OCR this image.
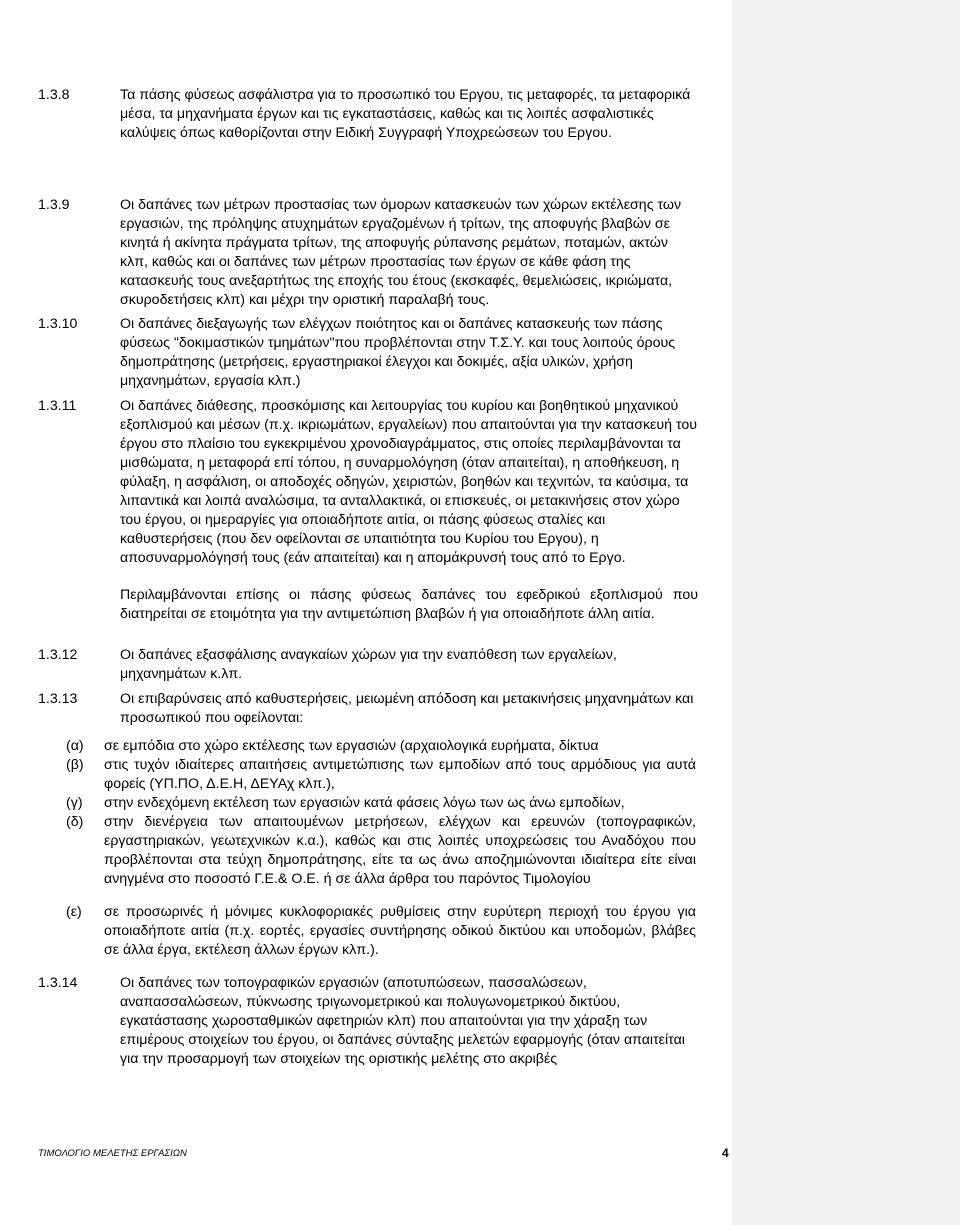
1.3.8	Τα πάσης φύσεως ασφάλιστρα για το προσωπικό του Εργου, τις μεταφορές, τα μεταφορικά μέσα, τα μηχανήματα έργων και τις εγκαταστάσεις, καθώς και τις λοιπές ασφαλιστικές καλύψεις όπως καθορίζονται στην Ειδική Συγγραφή Υποχρεώσεων του Εργου.
1.3.9	Οι δαπάνες των μέτρων προστασίας των όμορων κατασκευών των χώρων εκτέλεσης των εργασιών, της πρόληψης ατυχημάτων εργαζομένων ή τρίτων, της αποφυγής βλαβών σε κινητά ή ακίνητα πράγματα τρίτων, της αποφυγής ρύπανσης ρεμάτων, ποταμών, ακτών κλπ, καθώς και οι δαπάνες των μέτρων προστασίας των έργων σε κάθε φάση της κατασκευής τους ανεξαρτήτως της εποχής του έτους (εκσκαφές, θεμελιώσεις, ικριώματα, σκυροδετήσεις κλπ) και μέχρι την οριστική παραλαβή τους.
1.3.10	Οι δαπάνες διεξαγωγής των ελέγχων ποιότητος και οι δαπάνες κατασκευής των πάσης φύσεως "δοκιμαστικών τμημάτων"που προβλέπονται στην Τ.Σ.Υ. και τους λοιπούς όρους δημοπράτησης (μετρήσεις, εργαστηριακοί έλεγχοι και δοκιμές, αξία υλικών, χρήση μηχανημάτων, εργασία κλπ.)
1.3.11	Οι δαπάνες διάθεσης, προσκόμισης και λειτουργίας του κυρίου και βοηθητικού μηχανικού εξοπλισμού και μέσων (π.χ. ικριωμάτων, εργαλείων) που απαιτούνται για την κατασκευή του έργου στο πλαίσιο του εγκεκριμένου χρονοδιαγράμματος, στις οποίες περιλαμβάνονται τα μισθώματα, η μεταφορά επί τόπου, η συναρμολόγηση (όταν απαιτείται), η αποθήκευση, η φύλαξη, η ασφάλιση, οι αποδοχές οδηγών, χειριστών, βοηθών και τεχνιτών, τα καύσιμα, τα λιπαντικά και λοιπά αναλώσιμα, τα ανταλλακτικά, οι επισκευές, οι μετακινήσεις στον χώρο του έργου, οι ημεραργίες για οποιαδήποτε αιτία, οι πάσης φύσεως σταλίες και καθυστερήσεις (που δεν οφείλονται σε υπαιτιότητα του Κυρίου του Εργου), η αποσυναρμολόγησή τους (εάν απαιτείται) και η απομάκρυνσή τους από το Εργο.
Περιλαμβάνονται επίσης οι πάσης φύσεως δαπάνες του εφεδρικού εξοπλισμού που διατηρείται σε ετοιμότητα για την αντιμετώπιση βλαβών ή για οποιαδήποτε άλλη αιτία.
1.3.12	Οι δαπάνες εξασφάλισης αναγκαίων χώρων για την εναπόθεση των εργαλείων, μηχανημάτων κ.λπ.
1.3.13	Οι επιβαρύνσεις από καθυστερήσεις, μειωμένη απόδοση και μετακινήσεις μηχανημάτων και προσωπικού που οφείλονται:
(α) σε εμπόδια στο χώρο εκτέλεσης των εργασιών (αρχαιολογικά ευρήματα, δίκτυα
(β) στις τυχόν ιδιαίτερες απαιτήσεις αντιμετώπισης των εμποδίων από τους αρμόδιους για αυτά φορείς (ΥΠ.ΠΟ, Δ.Ε.Η, ΔΕΥΑχ κλπ.),
(γ) στην ενδεχόμενη εκτέλεση των εργασιών κατά φάσεις λόγω των ως άνω εμποδίων,
(δ) στην διενέργεια των απαιτουμένων μετρήσεων, ελέγχων και ερευνών (τοπογραφικών, εργαστηριακών, γεωτεχνικών κ.α.), καθώς και στις λοιπές υποχρεώσεις του Αναδόχου που προβλέπονται στα τεύχη δημοπράτησης, είτε τα ως άνω αποζημιώνονται ιδιαίτερα είτε είναι ανηγμένα στο ποσοστό Γ.Ε.& Ο.Ε. ή σε άλλα άρθρα του παρόντος Τιμολογίου
(ε) σε προσωρινές ή μόνιμες κυκλοφοριακές ρυθμίσεις στην ευρύτερη περιοχή του έργου για οποιαδήποτε αιτία (π.χ. εορτές, εργασίες συντήρησης οδικού δικτύου και υποδομών, βλάβες σε άλλα έργα, εκτέλεση άλλων έργων κλπ.).
1.3.14	Οι δαπάνες των τοπογραφικών εργασιών (αποτυπώσεων, πασσαλώσεων, αναπασσαλώσεων, πύκνωσης τριγωνομετρικού και πολυγωνομετρικού δικτύου, εγκατάστασης χωροσταθμικών αφετηριών κλπ) που απαιτούνται για την χάραξη των επιμέρους στοιχείων του έργου, οι δαπάνες σύνταξης μελετών εφαρμογής (όταν απαιτείται για την προσαρμογή των στοιχείων της οριστικής μελέτης στο ακριβές
ΤΙΜΟΛΟΓΙΟ ΜΕΛΕΤΗΣ ΕΡΓΑΣΙΩΝ	4
